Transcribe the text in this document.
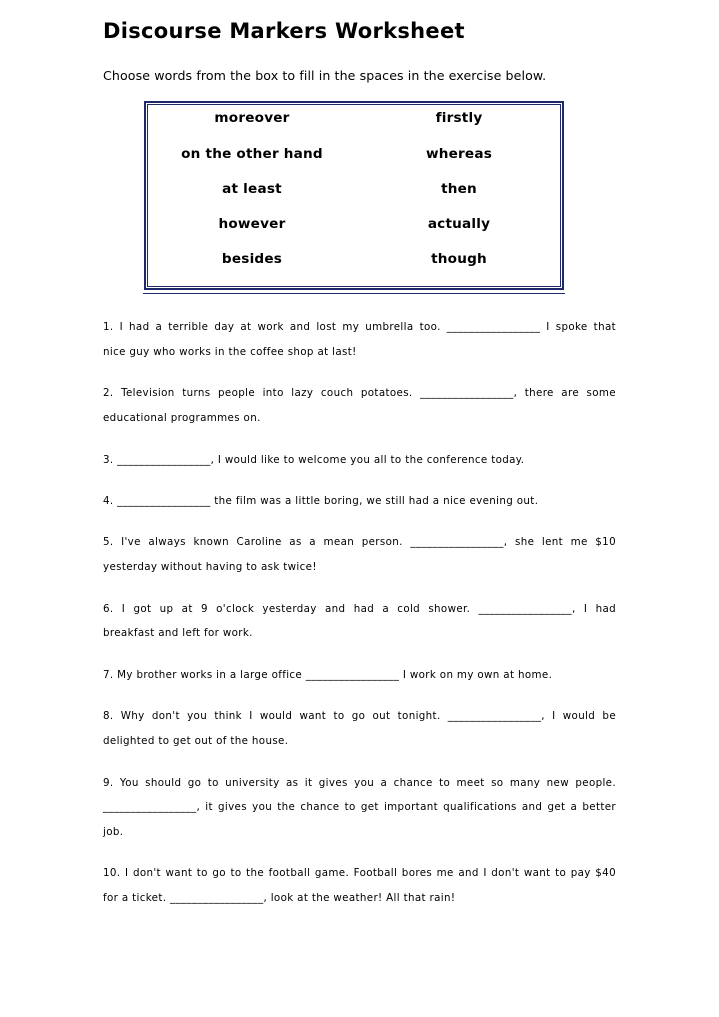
Discourse Markers Worksheet

Choose words from the box to fill in the spaces in the exercise below.

moreover	firstly
on the other hand	whereas
at least	then
however	actually
besides	though

1. I had a terrible day at work and lost my umbrella too. _________________ I spoke that

nice guy who works in the coffee shop at last!

2. Television turns people into lazy couch potatoes. _________________, there are some

educational programmes on.

3. _________________, I would like to welcome you all to the conference today.

4. _________________ the film was a little boring, we still had a nice evening out.

5. I've always known Caroline as a mean person. _________________, she lent me $10

yesterday without having to ask twice!

6. I got up at 9 o'clock yesterday and had a cold shower. _________________, I had

breakfast and left for work.

7. My brother works in a large office _________________ I work on my own at home.

8. Why don't you think I would want to go out tonight. _________________, I would be

delighted to get out of the house.

9. You should go to university as it gives you a chance to meet so many new people.

_________________, it gives you the chance to get important qualifications and get a better

job.

10. I don't want to go to the football game. Football bores me and I don't want to pay $40

for a ticket. _________________, look at the weather! All that rain!
